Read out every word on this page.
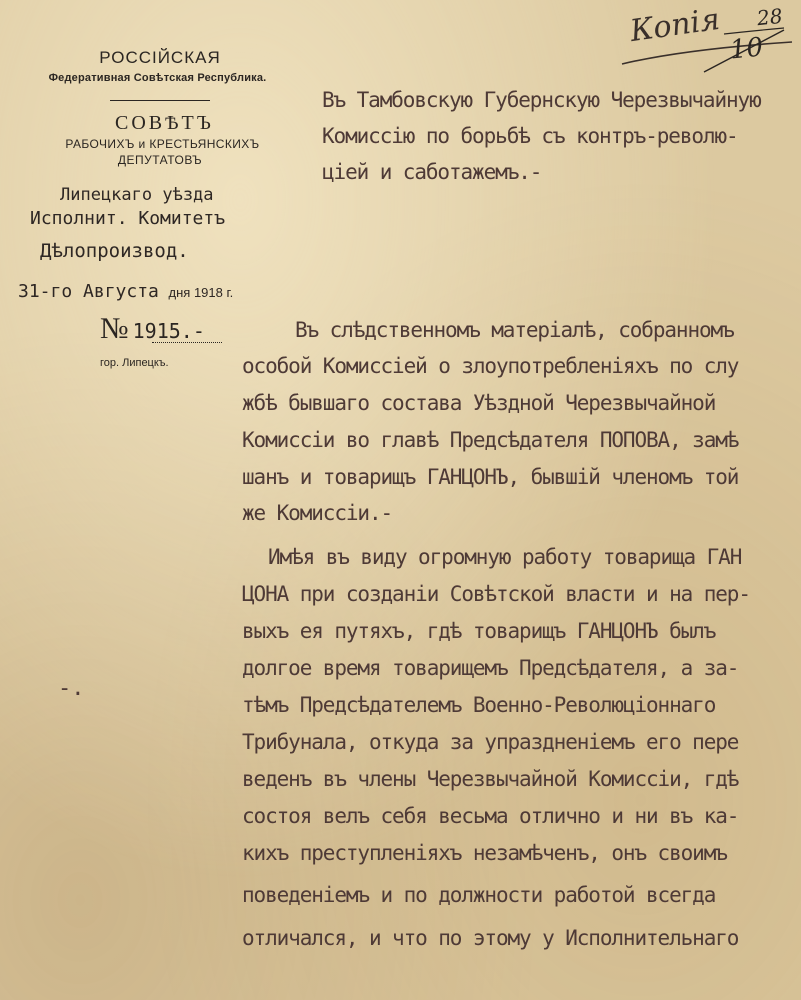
РОССІЙСКАЯ
Федеративная Совѣтская Республика.
СОВѢТЪ
РАБОЧИХЪ и КРЕСТЬЯНСКИХЪ
ДЕПУТАТОВЪ
Липецкаго уѣзда
Исполнит. Комитетъ
Дѣлопроизвод.
31-го Августа дня 1918 г.
№ 1915.-
гор. Липецкъ.
Копія 28
10
Въ Тамбовскую Губернскую Черезвычайную
Комиссію по борьбѣ съ контръ-револю-
ціей и саботажемъ.-
Въ слѣдственномъ матеріалѣ, собранномъ
особой Комиссіей о злоупотребленіяхъ по слу
жбѣ бывшаго состава Уѣздной Черезвычайной
Комиссіи во главѣ Предсѣдателя ПОПОВА, замѣ
шанъ и товарищъ ГАНЦОНЪ, бывшій членомъ той
же Комиссіи.-
Имѣя въ виду огромную работу товарища ГАН
ЦОНА при созданіи Совѣтской власти и на пер-
выхъ ея путяхъ, гдѣ товарищъ ГАНЦОНЪ былъ
долгое время товарищемъ Предсѣдателя, а за-
тѣмъ Предсѣдателемъ Военно-Революціоннаго
Трибунала, откуда за упраздненіемъ его пере
веденъ въ члены Черезвычайной Комиссіи, гдѣ
состоя велъ себя весьма отлично и ни въ ка-
кихъ преступленіяхъ незамѣченъ, онъ своимъ
поведеніемъ и по должности работой всегда
отличался, и что по этому у Исполнительнаго
-.
